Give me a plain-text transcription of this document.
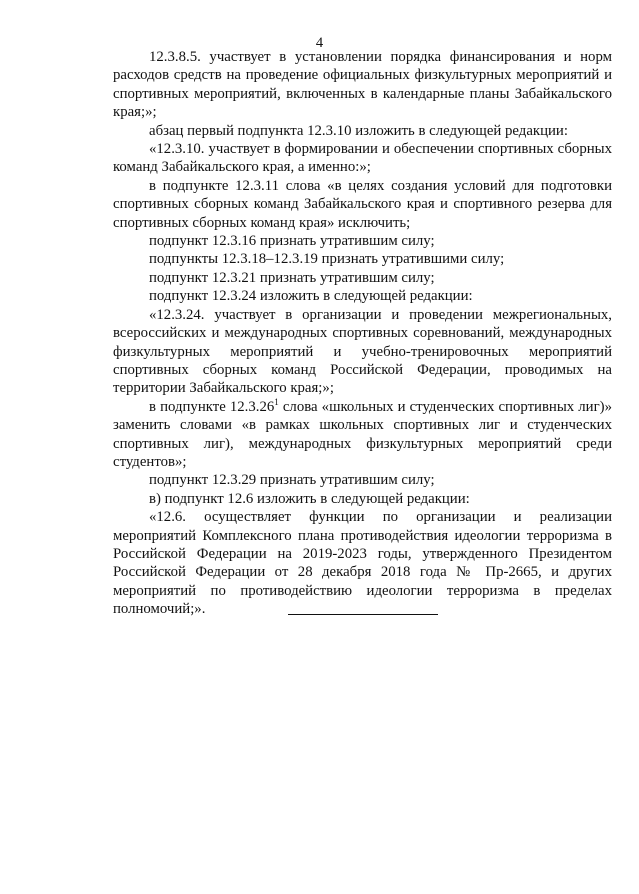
4

12.3.8.5. участвует в установлении порядка финансирования и норм расходов средств на проведение официальных физкультурных мероприятий и спортивных мероприятий, включенных в календарные планы Забайкальского края;»;

абзац первый подпункта 12.3.10 изложить в следующей редакции:

«12.3.10. участвует в формировании и обеспечении спортивных сборных команд Забайкальского края, а именно:»;

в подпункте 12.3.11 слова «в целях создания условий для подготовки спортивных сборных команд Забайкальского края и спортивного резерва для спортивных сборных команд края» исключить;

подпункт 12.3.16 признать утратившим силу;

подпункты 12.3.18–12.3.19 признать утратившими силу;

подпункт 12.3.21 признать утратившим силу;

подпункт 12.3.24 изложить в следующей редакции:

«12.3.24. участвует в организации и проведении межрегиональных, всероссийских и международных спортивных соревнований, международных физкультурных мероприятий и учебно-тренировочных мероприятий спортивных сборных команд Российской Федерации, проводимых на территории Забайкальского края;»;

в подпункте 12.3.26$^1$ слова «школьных и студенческих спортивных лиг)» заменить словами «в рамках школьных спортивных лиг и студенческих спортивных лиг), международных физкультурных мероприятий среди студентов»;

подпункт 12.3.29 признать утратившим силу;

в) подпункт 12.6 изложить в следующей редакции:

«12.6. осуществляет функции по организации и реализации мероприятий Комплексного плана противодействия идеологии терроризма в Российской Федерации на 2019-2023 годы, утвержденного Президентом Российской Федерации от 28 декабря 2018 года № Пр-2665, и других мероприятий по противодействию идеологии терроризма в пределах полномочий;».
